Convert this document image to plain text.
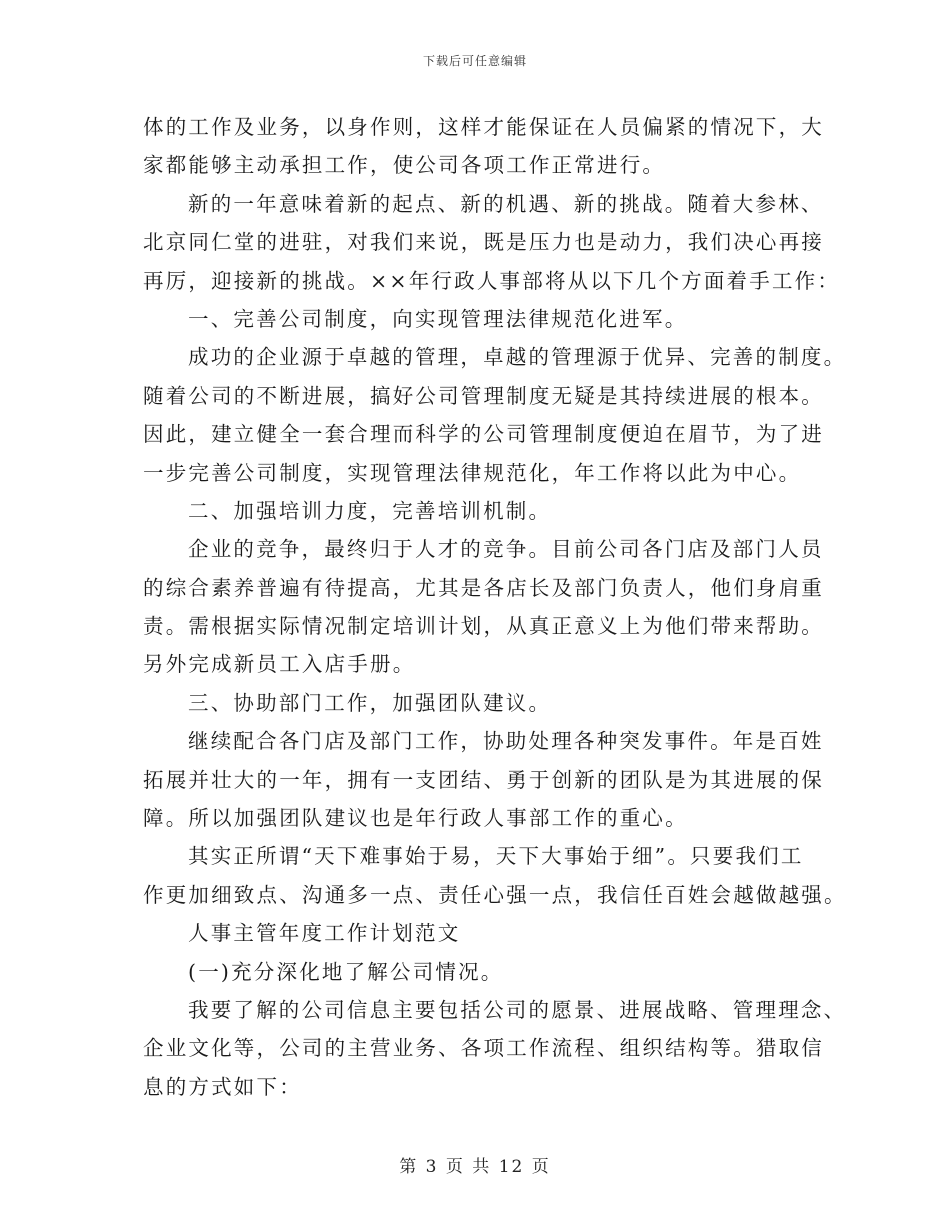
下载后可任意编辑
体的工作及业务，以身作则，这样才能保证在人员偏紧的情况下，大
家都能够主动承担工作，使公司各项工作正常进行。
新的一年意味着新的起点、新的机遇、新的挑战。随着大参林、
北京同仁堂的进驻，对我们来说，既是压力也是动力，我们决心再接
再厉，迎接新的挑战。××年行政人事部将从以下几个方面着手工作：
一、完善公司制度，向实现管理法律规范化进军。
成功的企业源于卓越的管理，卓越的管理源于优异、完善的制度。
随着公司的不断进展，搞好公司管理制度无疑是其持续进展的根本。
因此，建立健全一套合理而科学的公司管理制度便迫在眉节，为了进
一步完善公司制度，实现管理法律规范化，年工作将以此为中心。
二、加强培训力度，完善培训机制。
企业的竞争，最终归于人才的竞争。目前公司各门店及部门人员
的综合素养普遍有待提高，尤其是各店长及部门负责人，他们身肩重
责。需根据实际情况制定培训计划，从真正意义上为他们带来帮助。
另外完成新员工入店手册。
三、协助部门工作，加强团队建议。
继续配合各门店及部门工作，协助处理各种突发事件。年是百姓
拓展并壮大的一年，拥有一支团结、勇于创新的团队是为其进展的保
障。所以加强团队建议也是年行政人事部工作的重心。
其实正所谓“天下难事始于易，天下大事始于细”。只要我们工
作更加细致点、沟通多一点、责任心强一点，我信任百姓会越做越强。
人事主管年度工作计划范文
(一)充分深化地了解公司情况。
我要了解的公司信息主要包括公司的愿景、进展战略、管理理念、
企业文化等，公司的主营业务、各项工作流程、组织结构等。猎取信
息的方式如下：
第 3 页 共 12 页
